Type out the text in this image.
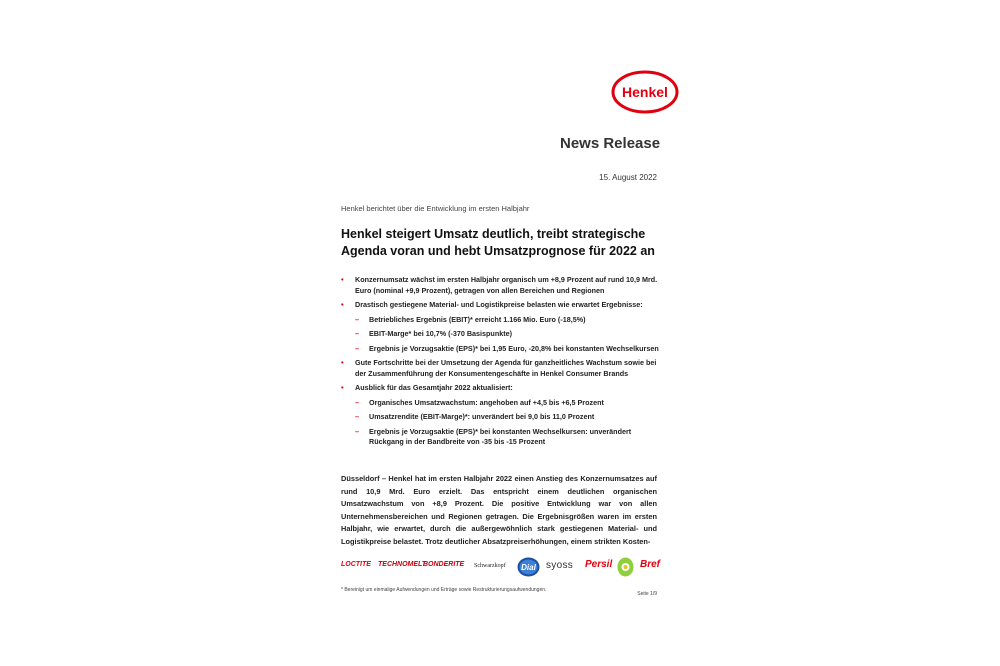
Henkel
News Release
15. August 2022
Henkel berichtet über die Entwicklung im ersten Halbjahr
Henkel steigert Umsatz deutlich, treibt strategische Agenda voran und hebt Umsatzprognose für 2022 an
• Konzernumsatz wächst im ersten Halbjahr organisch um +8,9 Prozent auf rund 10,9 Mrd. Euro (nominal +9,9 Prozent), getragen von allen Bereichen und Regionen
• Drastisch gestiegene Material- und Logistikpreise belasten wie erwartet Ergebnisse:
– Betriebliches Ergebnis (EBIT)* erreicht 1.166 Mio. Euro (-18,5%)
– EBIT-Marge* bei 10,7% (-370 Basispunkte)
– Ergebnis je Vorzugsaktie (EPS)* bei 1,95 Euro, -20,8% bei konstanten Wechselkursen
• Gute Fortschritte bei der Umsetzung der Agenda für ganzheitliches Wachstum sowie bei der Zusammenführung der Konsumentengeschäfte in Henkel Consumer Brands
• Ausblick für das Gesamtjahr 2022 aktualisiert:
– Organisches Umsatzwachstum: angehoben auf +4,5 bis +6,5 Prozent
– Umsatzrendite (EBIT-Marge)*: unverändert bei 9,0 bis 11,0 Prozent
– Ergebnis je Vorzugsaktie (EPS)* bei konstanten Wechselkursen: unverändert Rückgang in der Bandbreite von -35 bis -15 Prozent
Düsseldorf – Henkel hat im ersten Halbjahr 2022 einen Anstieg des Konzernumsatzes auf rund 10,9 Mrd. Euro erzielt. Das entspricht einem deutlichen organischen Umsatzwachstum von +8,9 Prozent. Die positive Entwicklung war von allen Unternehmensbereichen und Regionen getragen. Die Ergebnisgrößen waren im ersten Halbjahr, wie erwartet, durch die außergewöhnlich stark gestiegenen Material- und Logistikpreise belastet. Trotz deutlicher Absatzpreiserhöhungen, einem strikten Kosten-
LOCTITE TECHNOMELT
BONDERITE Schwarzkopf Dial syoss Persil	Bref
* Bereinigt um einmalige Aufwendungen und Erträge sowie Restrukturierungsaufwendungen.
Seite 1/9
